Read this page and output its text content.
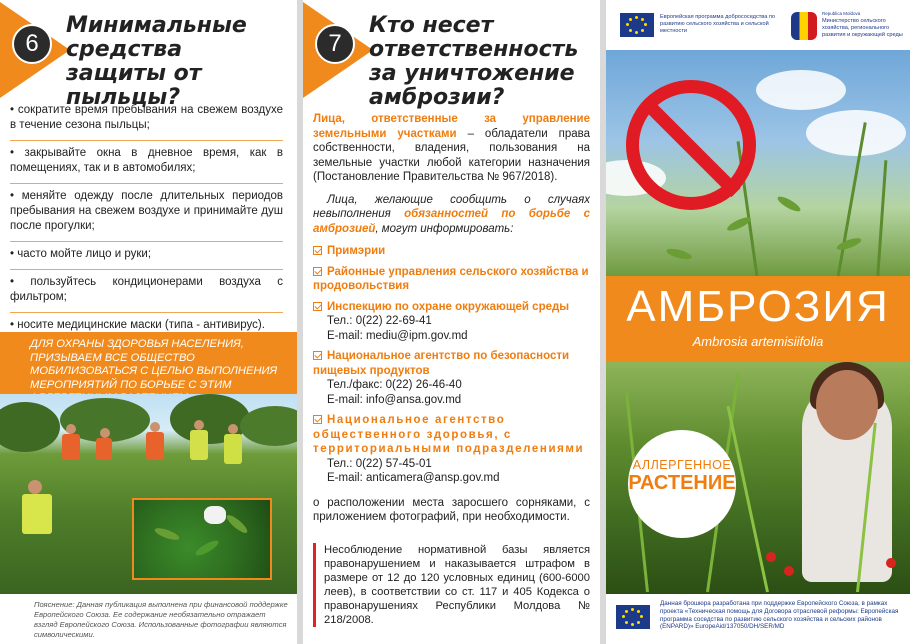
6
Минимальные средства защиты от пыльцы?
• сократите время пребывания на свежем воздухе в течение сезона пыльцы;
• закрывайте окна в дневное время, как в помещениях, так и в автомобилях;
• меняйте одежду после длительных периодов пребывания на свежем воздухе и принимайте душ после прогулки;
• часто мойте лицо и руки;
• пользуйтесь кондиционерами воздуха с фильтром;
• носите медицинские маски (типа - антивирус).
ДЛЯ ОХРАНЫ ЗДОРОВЬЯ НАСЕЛЕНИЯ, ПРИЗЫВАЕМ ВСЕ ОБЩЕСТВО МОБИЛИЗОВАТЬСЯ С ЦЕЛЬЮ ВЫПОЛНЕНИЯ МЕРОПРИЯТИЙ ПО БОРЬБЕ С ЭТИМ
Пояснение: Данная публикация выполнена при финансовой поддержке Европейского Союза. Ее содержание необязательно отражает взгляд Европейского Союза. Использованные фотографии являются символическими.
7
Кто несет ответственность за уничтожение амброзии?

Лица, ответственные за управление земельными участками – обладатели права собственности, владения, пользования на земельные участки любой категории назначения (Постановление Правительства № 967/2018).

Лица, желающие сообщить о случаях невыполнения обязанностей по борьбе с амброзией, могут информировать:

Примэрии
Районные управления сельского хозяйства и продовольствия
Инспекцию по охране окружающей среды
Тел.: 0(22) 22-69-41
E-mail: mediu@ipm.gov.md
Национальное агентство по безопасности пищевых продуктов
Тел./факс: 0(22) 26-46-40
E-mail: info@ansa.gov.md
Национальное агентство общественного здоровья, с территориальными подразделениями
Тел.: 0(22) 57-45-01
E-mail: anticamera@ansp.gov.md

о расположении места заросшего сорняками, с приложением фотографий, при необходимости.

Несоблюдение нормативной базы является правонарушением и наказывается штрафом в размере от 12 до 120 условных единиц (600-6000 леев), в соответствии со ст. 117 и 405 Кодекса о правонарушениях Республики Молдова № 218/2008.
Европейская программа добрососедства по развитию сельского хозяйства и сельской местности
Republica Moldova
Министерство сельского хозяйства, регионального развития и окружающей среды
АМБРОЗИЯ
Ambrosia artemisiifolia
АЛЛЕРГЕННОЕ
РАСТЕНИЕ
Данная брошюра разработана при поддержке Европейского Союза, в рамках проекта «Техническая помощь для Договора отраслевой реформы: Европейская программа соседства по развитию сельского хозяйства и сельских районов (ENPARD)» EuropeAid/137050/DH/SER/MD
